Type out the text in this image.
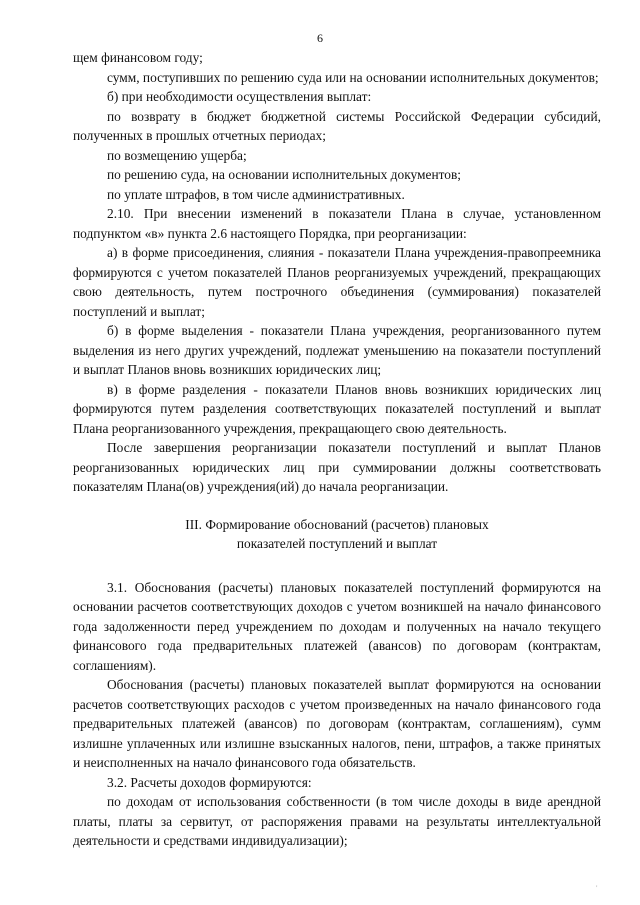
6

щем финансовом году;

сумм, поступивших по решению суда или на основании исполнительных документов;

б) при необходимости осуществления выплат:

по возврату в бюджет бюджетной системы Российской Федерации субсидий, полученных в прошлых отчетных периодах;

по возмещению ущерба;

по решению суда, на основании исполнительных документов;

по уплате штрафов, в том числе административных.

2.10. При внесении изменений в показатели Плана в случае, установленном подпунктом «в» пункта 2.6 настоящего Порядка, при реорганизации:

а) в форме присоединения, слияния - показатели Плана учреждения-правопреемника формируются с учетом показателей Планов реорганизуемых учреждений, прекращающих свою деятельность, путем построчного объединения (суммирования) показателей поступлений и выплат;

б) в форме выделения - показатели Плана учреждения, реорганизованного путем выделения из него других учреждений, подлежат уменьшению на показатели поступлений и выплат Планов вновь возникших юридических лиц;

в) в форме разделения - показатели Планов вновь возникших юридических лиц формируются путем разделения соответствующих показателей поступлений и выплат Плана реорганизованного учреждения, прекращающего свою деятельность.

После завершения реорганизации показатели поступлений и выплат Планов реорганизованных юридических лиц при суммировании должны соответствовать показателям Плана(ов) учреждения(ий) до начала реорганизации.

III. Формирование обоснований (расчетов) плановых
показателей поступлений и выплат

3.1. Обоснования (расчеты) плановых показателей поступлений формируются на основании расчетов соответствующих доходов с учетом возникшей на начало финансового года задолженности перед учреждением по доходам и полученных на начало текущего финансового года предварительных платежей (авансов) по договорам (контрактам, соглашениям).

Обоснования (расчеты) плановых показателей выплат формируются на основании расчетов соответствующих расходов с учетом произведенных на начало финансового года предварительных платежей (авансов) по договорам (контрактам, соглашениям), сумм излишне уплаченных или излишне взысканных налогов, пени, штрафов, а также принятых и неисполненных на начало финансового года обязательств.

3.2. Расчеты доходов формируются:

по доходам от использования собственности (в том числе доходы в виде арендной платы, платы за сервитут, от распоряжения правами на результаты интеллектуальной деятельности и средствами индивидуализации);

,
